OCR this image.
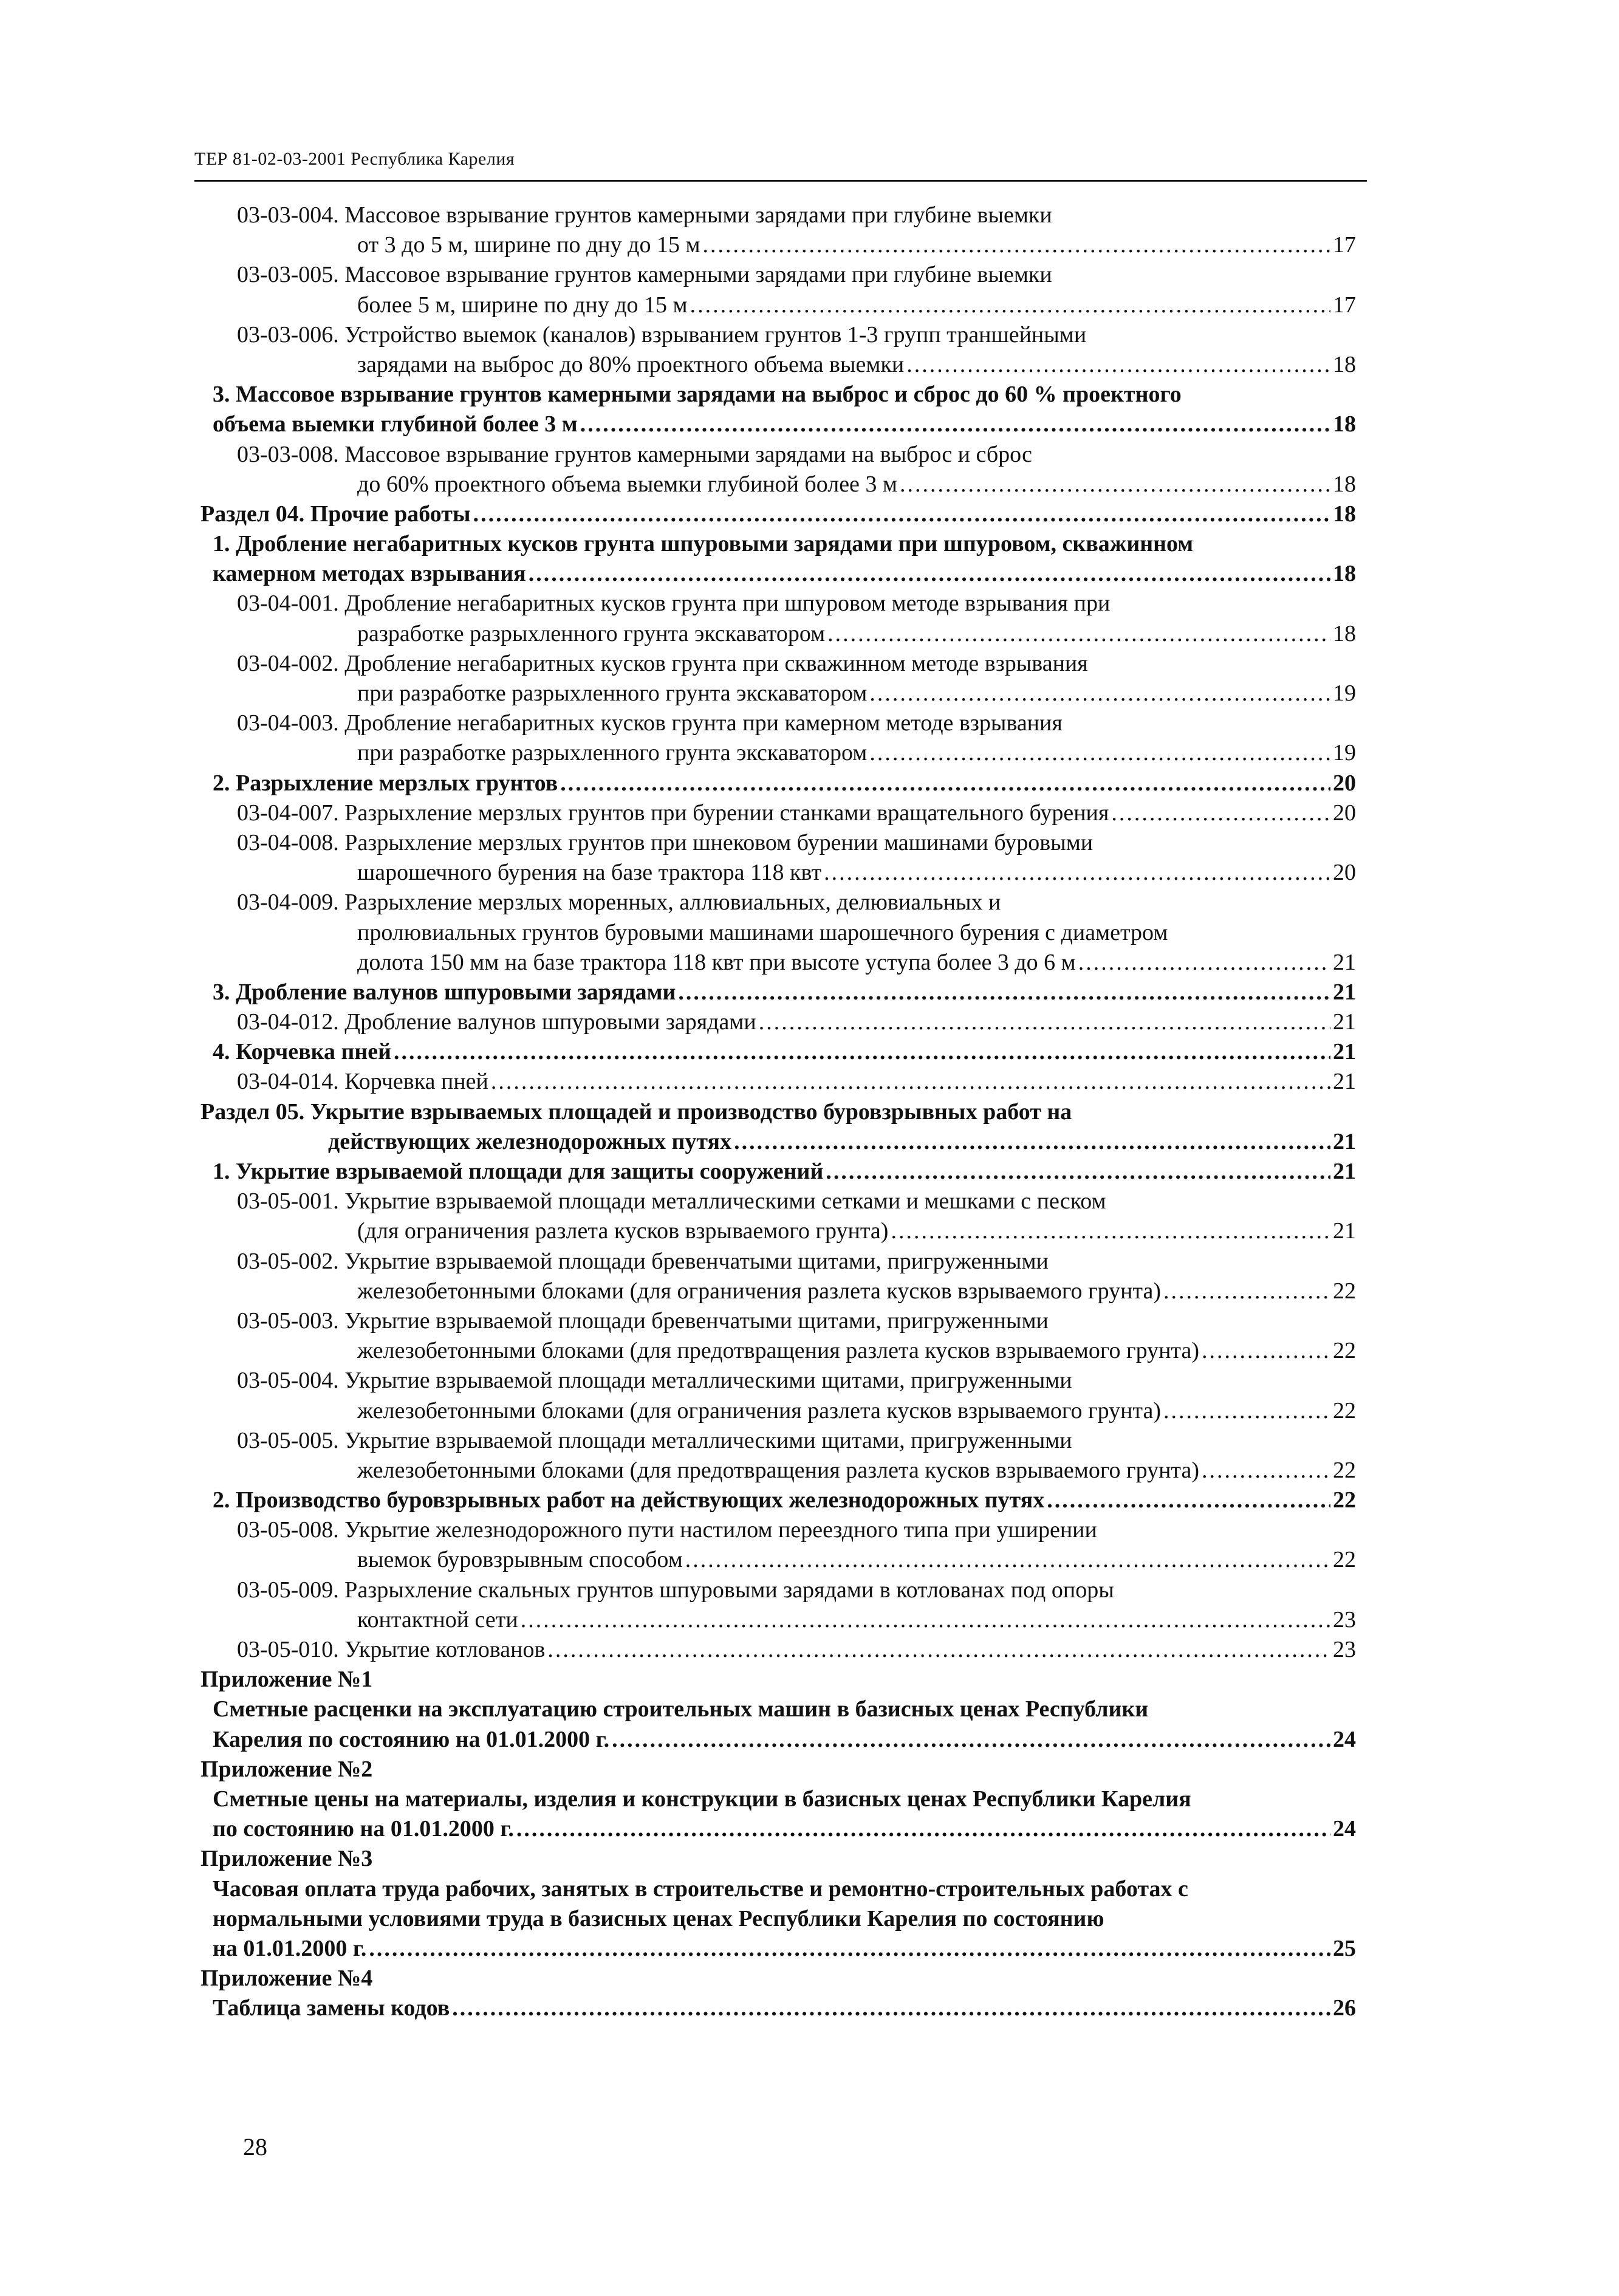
ТЕР 81-02-03-2001 Республика Карелия
03-03-004. Массовое взрывание грунтов камерными зарядами при глубине выемки
от 3 до 5 м, ширине по дну до 15 м .....	17
03-03-005. Массовое взрывание грунтов камерными зарядами при глубине выемки
более 5 м, ширине по дну до 15 м .....	17
03-03-006. Устройство выемок (каналов) взрыванием грунтов 1-3 групп траншейными
зарядами на выброс до 80% проектного объема выемки .....	18
3. Массовое взрывание грунтов камерными зарядами на выброс и сброс до 60 % проектного
объема выемки глубиной более 3 м .....	18
03-03-008. Массовое взрывание грунтов камерными зарядами на выброс и сброс
до 60% проектного объема выемки глубиной более 3 м .....	18
Раздел 04. Прочие работы .....	18
1. Дробление негабаритных кусков грунта шпуровыми зарядами при шпуровом, скважинном
камерном методах взрывания .....	18
03-04-001. Дробление негабаритных кусков грунта при шпуровом методе взрывания при
разработке разрыхленного грунта экскаватором .....	18
03-04-002. Дробление негабаритных кусков грунта при скважинном методе взрывания
при разработке разрыхленного грунта экскаватором .....	19
03-04-003. Дробление негабаритных кусков грунта при камерном методе взрывания
при разработке разрыхленного грунта экскаватором .....	19
2. Разрыхление мерзлых грунтов .....	20
03-04-007. Разрыхление мерзлых грунтов при бурении станками вращательного бурения .....	20
03-04-008. Разрыхление мерзлых грунтов при шнековом бурении машинами буровыми
шарошечного бурения на базе трактора 118 квт .....	20
03-04-009. Разрыхление мерзлых моренных, аллювиальных, делювиальных и
пролювиальных грунтов буровыми машинами шарошечного бурения с диаметром
долота 150 мм на базе трактора 118 квт при высоте уступа более 3 до 6 м .....	21
3. Дробление валунов шпуровыми зарядами .....	21
03-04-012. Дробление валунов шпуровыми зарядами .....	21
4. Корчевка пней .....	21
03-04-014. Корчевка пней .....	21
Раздел 05. Укрытие взрываемых площадей и производство буровзрывных работ на
действующих железнодорожных путях .....	21
1. Укрытие взрываемой площади для защиты сооружений .....	21
03-05-001. Укрытие взрываемой площади металлическими сетками и мешками с песком
(для ограничения разлета кусков взрываемого грунта) .....	21
03-05-002. Укрытие взрываемой площади бревенчатыми щитами, пригруженными
железобетонными блоками (для ограничения разлета кусков взрываемого грунта) .....	22
03-05-003. Укрытие взрываемой площади бревенчатыми щитами, пригруженными
железобетонными блоками (для предотвращения разлета кусков взрываемого грунта) .....	22
03-05-004. Укрытие взрываемой площади металлическими щитами, пригруженными
железобетонными блоками (для ограничения разлета кусков взрываемого грунта) .....	22
03-05-005. Укрытие взрываемой площади металлическими щитами, пригруженными
железобетонными блоками (для предотвращения разлета кусков взрываемого грунта) .....	22
2. Производство буровзрывных работ на действующих железнодорожных путях .....	22
03-05-008. Укрытие железнодорожного пути настилом переездного типа при уширении
выемок буровзрывным способом .....	22
03-05-009. Разрыхление скальных грунтов шпуровыми зарядами в котлованах под опоры
контактной сети .....	23
03-05-010. Укрытие котлованов .....	23
Приложение №1
Сметные расценки на эксплуатацию строительных машин в базисных ценах Республики
Карелия по состоянию на 01.01.2000 г. .....	24
Приложение №2
Сметные цены на материалы, изделия и конструкции в базисных ценах Республики Карелия
по состоянию на 01.01.2000 г. .....	24
Приложение №3
Часовая оплата труда рабочих, занятых в строительстве и ремонтно-строительных работах с
нормальными условиями труда в базисных ценах Республики Карелия по состоянию
на 01.01.2000 г. .....	25
Приложение №4
Таблица замены кодов .....	26
28
